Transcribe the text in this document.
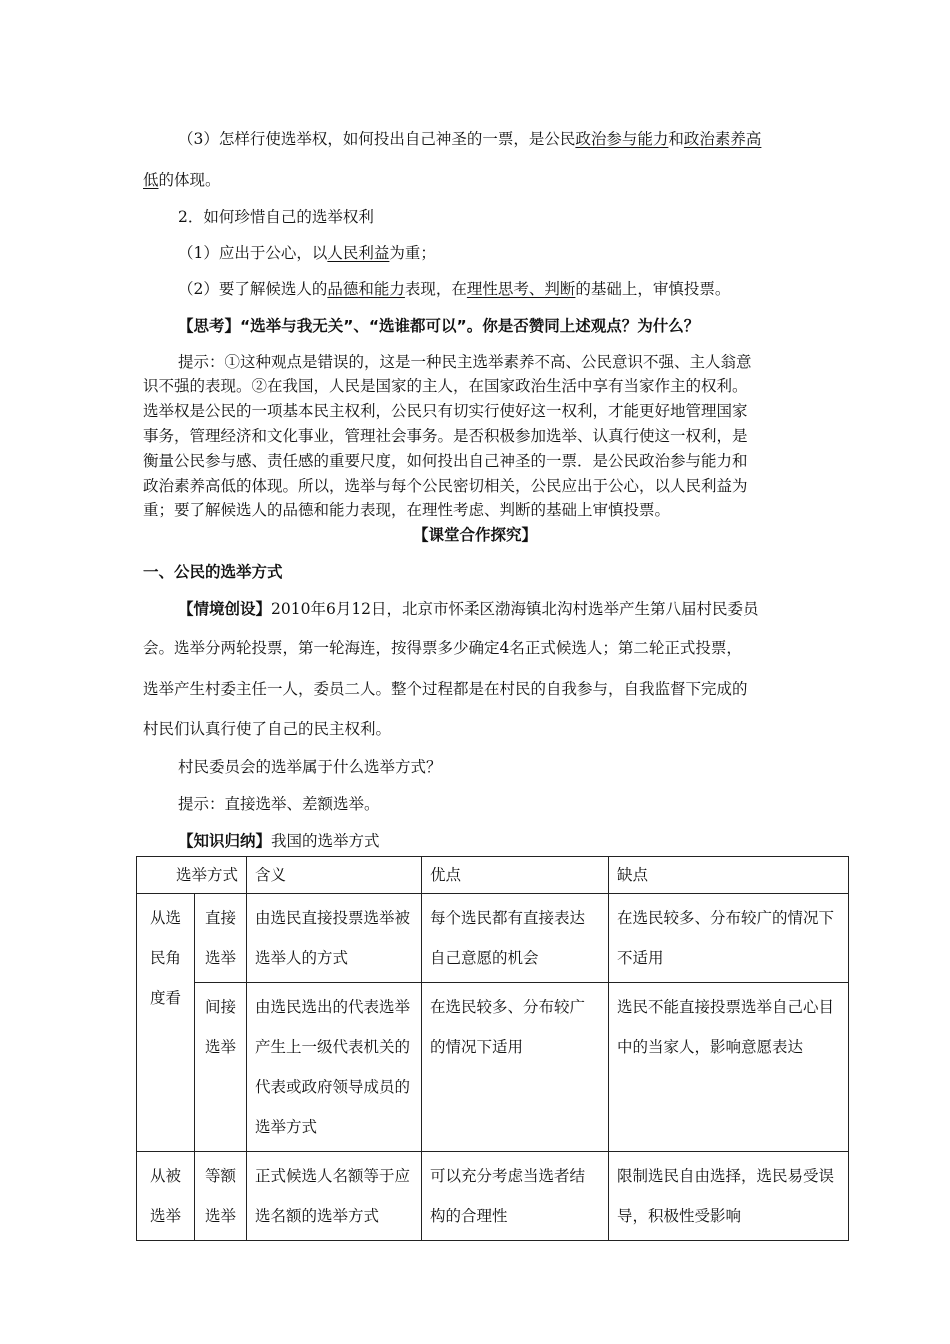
（3）怎样行使选举权，如何投出自己神圣的一票，是公民政治参与能力和政治素养高
低的体现。
2．如何珍惜自己的选举权利
（1）应出于公心，以人民利益为重；
（2）要了解候选人的品德和能力表现，在理性思考、判断的基础上，审慎投票。
【思考】“选举与我无关”、“选谁都可以”。你是否赞同上述观点？为什么？
提示：①这种观点是错误的，这是一种民主选举素养不高、公民意识不强、主人翁意
识不强的表现。②在我国，人民是国家的主人，在国家政治生活中享有当家作主的权利。
选举权是公民的一项基本民主权利，公民只有切实行使好这一权利，才能更好地管理国家
事务，管理经济和文化事业，管理社会事务。是否积极参加选举、认真行使这一权利，是
衡量公民参与感、责任感的重要尺度，如何投出自己神圣的一票．是公民政治参与能力和
政治素养高低的体现。所以，选举与每个公民密切相关，公民应出于公心，以人民利益为
重；要了解候选人的品德和能力表现，在理性考虑、判断的基础上审慎投票。
【课堂合作探究】
一、公民的选举方式
【情境创设】2010年6月12日，北京市怀柔区渤海镇北沟村选举产生第八届村民委员
会。选举分两轮投票，第一轮海连，按得票多少确定4名正式候选人；第二轮正式投票，
选举产生村委主任一人，委员二人。整个过程都是在村民的自我参与，自我监督下完成的
村民们认真行使了自己的民主权利。
村民委员会的选举属于什么选举方式？
提示：直接选举、差额选举。
【知识归纳】我国的选举方式
选举方式		含义	优点	缺点
从选民角度看	直接选举	由选民直接投票选举被选举人的方式	每个选民都有直接表达自己意愿的机会	在选民较多、分布较广的情况下不适用
	间接选举	由选民选出的代表选举产生上一级代表机关的代表或政府领导成员的选举方式	在选民较多、分布较广的情况下适用	选民不能直接投票选举自己心目中的当家人，影响意愿表达
从被选举	等额选举	正式候选人名额等于应选名额的选举方式	可以充分考虑当选者结构的合理性	限制选民自由选择，选民易受误导，积极性受影响
